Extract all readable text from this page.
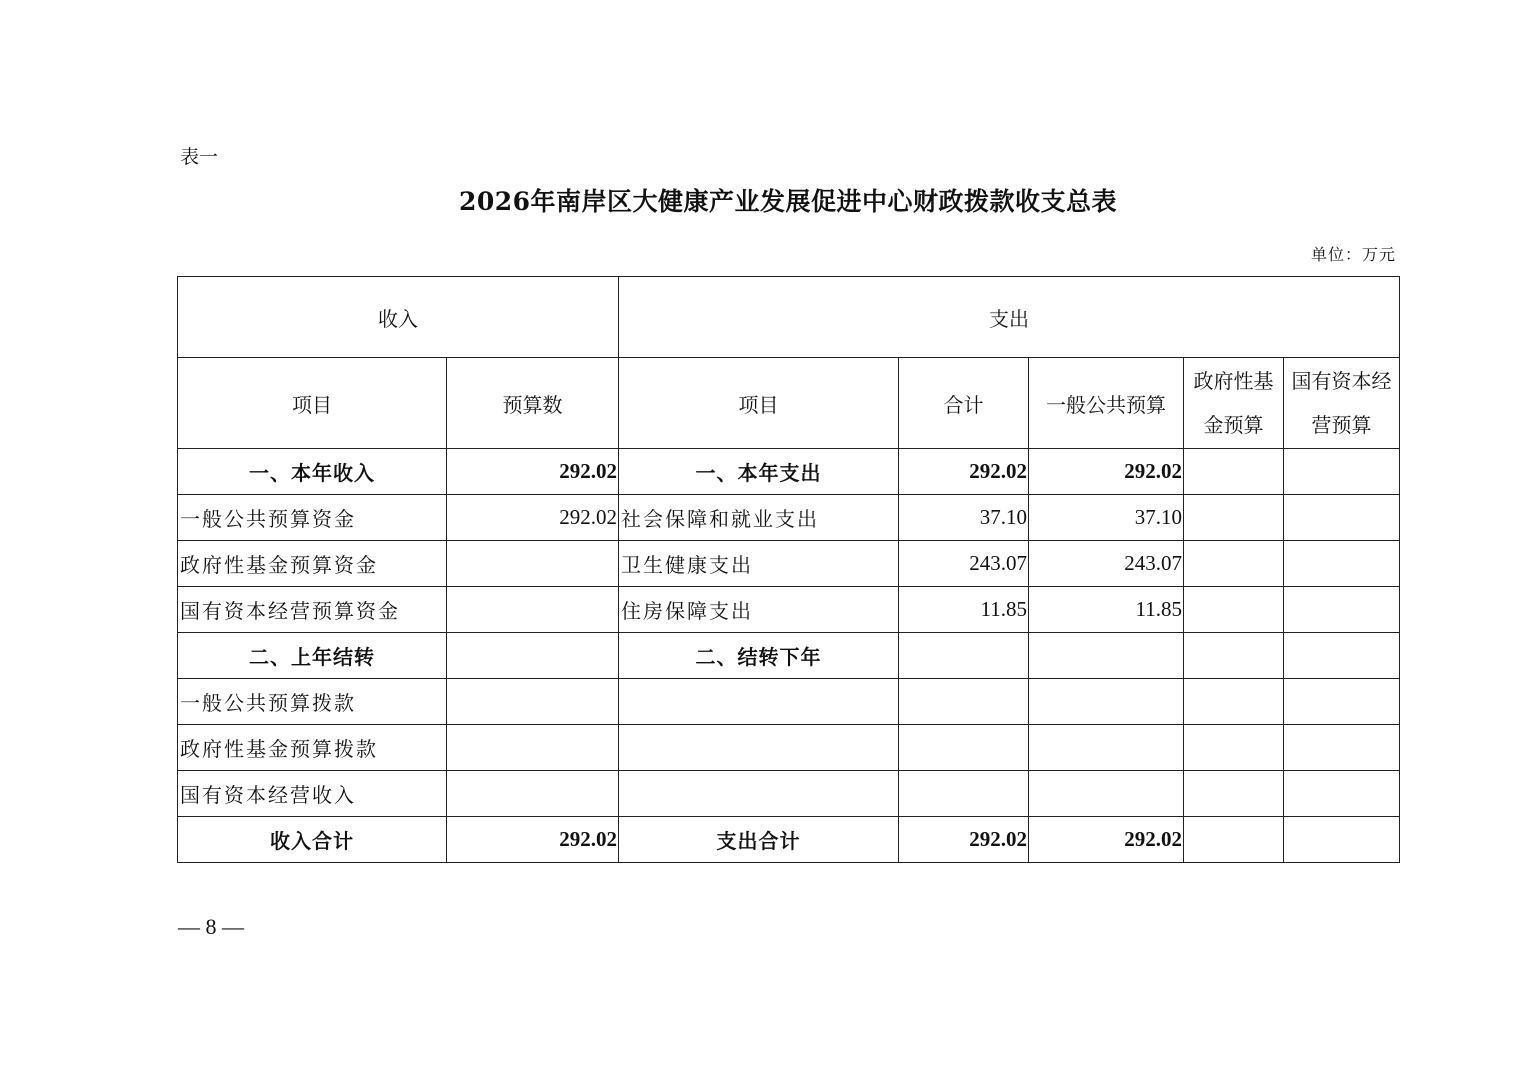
表一
2026年南岸区大健康产业发展促进中心财政拨款收支总表
单位：万元
收入		支出				
项目	预算数	项目	合计	一般公共预算	政府性基金预算	国有资本经营预算
一、本年收入	292.02	一、本年支出	292.02	292.02		
一般公共预算资金	292.02	社会保障和就业支出	37.10	37.10		
政府性基金预算资金		卫生健康支出	243.07	243.07		
国有资本经营预算资金		住房保障支出	11.85	11.85		
二、上年结转		二、结转下年				
一般公共预算拨款						
政府性基金预算拨款						
国有资本经营收入						
收入合计	292.02	支出合计	292.02	292.02		
— 8 —
